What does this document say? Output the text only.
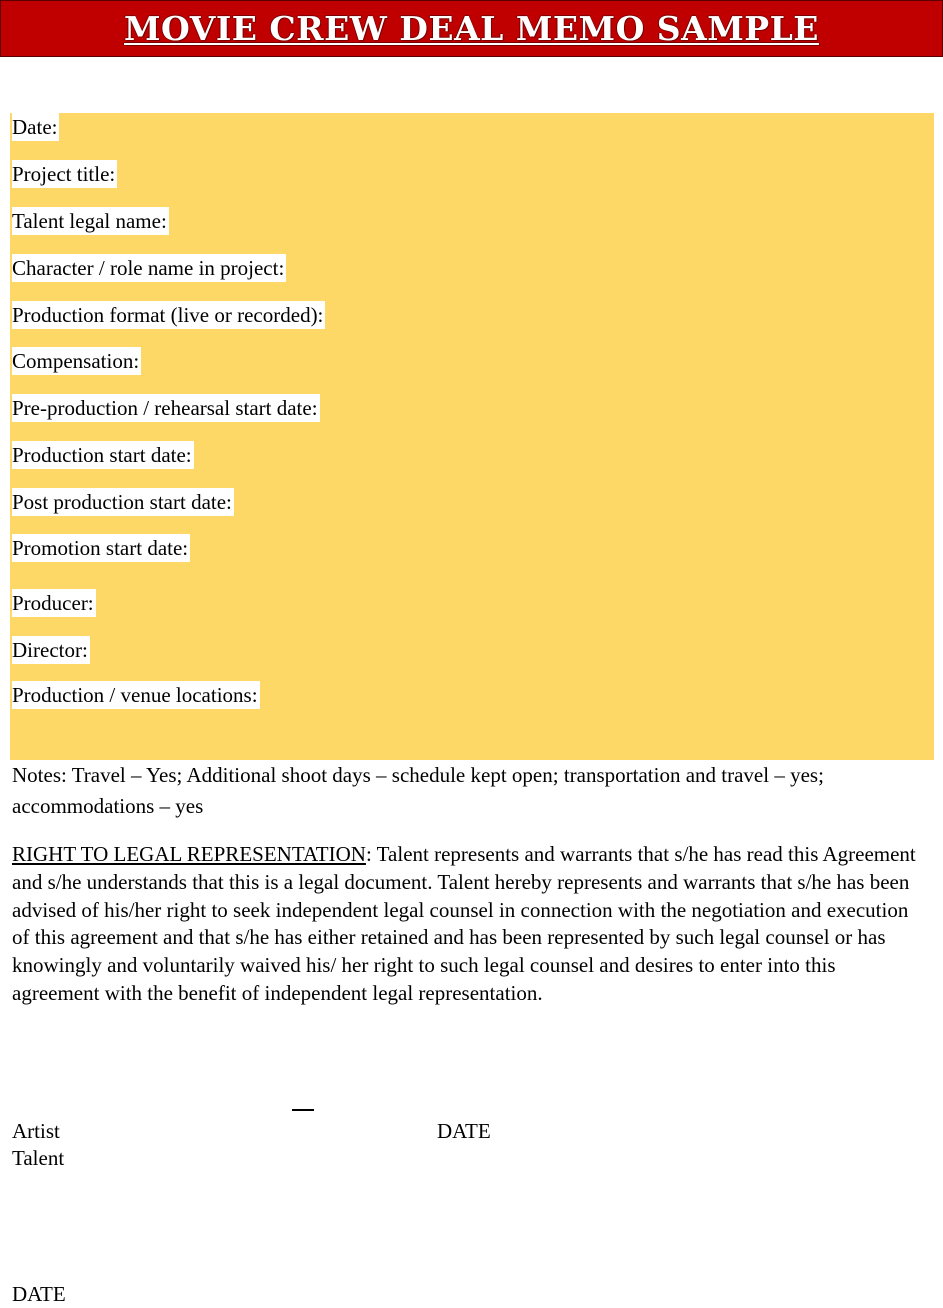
MOVIE CREW DEAL MEMO SAMPLE
Date:
Project title:
Talent legal name:
Character / role name in project:
Production format (live or recorded):
Compensation:
Pre-production / rehearsal start date:
Production start date:
Post production start date:
Promotion start date:
Producer:
Director:
Production / venue locations:
Notes: Travel – Yes; Additional shoot days – schedule kept open; transportation and travel – yes; accommodations – yes
RIGHT TO LEGAL REPRESENTATION: Talent represents and warrants that s/he has read this Agreement and s/he understands that this is a legal document. Talent hereby represents and warrants that s/he has been advised of his/her right to seek independent legal counsel in connection with the negotiation and execution of this agreement and that s/he has either retained and has been represented by such legal counsel or has knowingly and voluntarily waived his/ her right to such legal counsel and desires to enter into this agreement with the benefit of independent legal representation.
Artist	DATE
Talent
DATE
